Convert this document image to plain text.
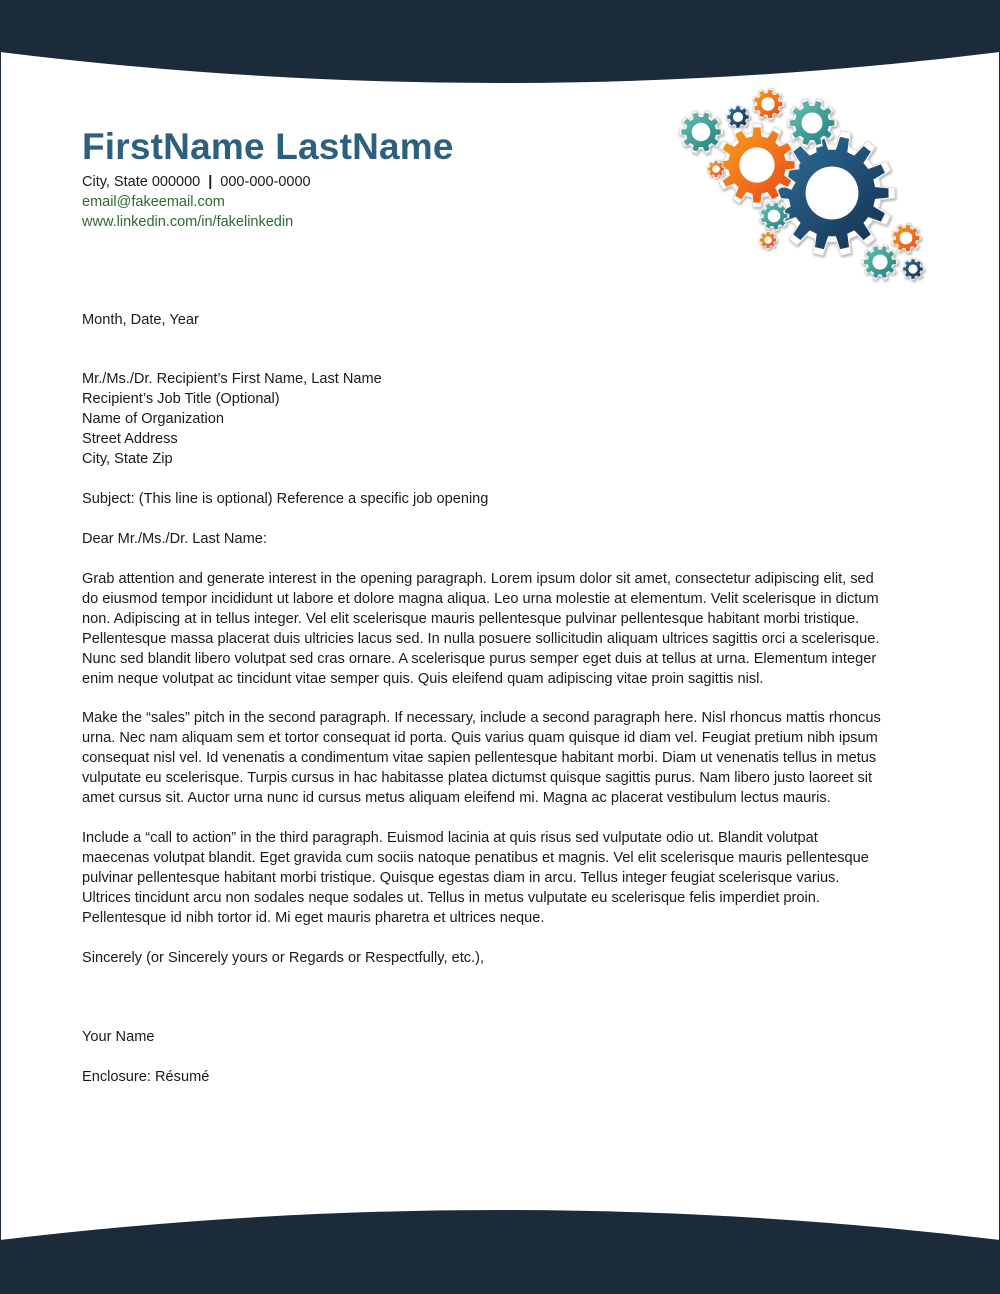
FirstName LastName
City, State 000000 | 000-000-0000
email@fakeemail.com
www.linkedin.com/in/fakelinkedin
Month, Date, Year
Mr./Ms./Dr. Recipient’s First Name, Last Name
Recipient’s Job Title (Optional)
Name of Organization
Street Address
City, State Zip
Subject: (This line is optional) Reference a specific job opening
Dear Mr./Ms./Dr. Last Name:
Grab attention and generate interest in the opening paragraph. Lorem ipsum dolor sit amet, consectetur adipiscing elit, sed
do eiusmod tempor incididunt ut labore et dolore magna aliqua. Leo urna molestie at elementum. Velit scelerisque in dictum
non. Adipiscing at in tellus integer. Vel elit scelerisque mauris pellentesque pulvinar pellentesque habitant morbi tristique.
Pellentesque massa placerat duis ultricies lacus sed. In nulla posuere sollicitudin aliquam ultrices sagittis orci a scelerisque.
Nunc sed blandit libero volutpat sed cras ornare. A scelerisque purus semper eget duis at tellus at urna. Elementum integer
enim neque volutpat ac tincidunt vitae semper quis. Quis eleifend quam adipiscing vitae proin sagittis nisl.
Make the “sales” pitch in the second paragraph. If necessary, include a second paragraph here. Nisl rhoncus mattis rhoncus
urna. Nec nam aliquam sem et tortor consequat id porta. Quis varius quam quisque id diam vel. Feugiat pretium nibh ipsum
consequat nisl vel. Id venenatis a condimentum vitae sapien pellentesque habitant morbi. Diam ut venenatis tellus in metus
vulputate eu scelerisque. Turpis cursus in hac habitasse platea dictumst quisque sagittis purus. Nam libero justo laoreet sit
amet cursus sit. Auctor urna nunc id cursus metus aliquam eleifend mi. Magna ac placerat vestibulum lectus mauris.
Include a “call to action” in the third paragraph. Euismod lacinia at quis risus sed vulputate odio ut. Blandit volutpat
maecenas volutpat blandit. Eget gravida cum sociis natoque penatibus et magnis. Vel elit scelerisque mauris pellentesque
pulvinar pellentesque habitant morbi tristique. Quisque egestas diam in arcu. Tellus integer feugiat scelerisque varius.
Ultrices tincidunt arcu non sodales neque sodales ut. Tellus in metus vulputate eu scelerisque felis imperdiet proin.
Pellentesque id nibh tortor id. Mi eget mauris pharetra et ultrices neque.
Sincerely (or Sincerely yours or Regards or Respectfully, etc.),
Your Name
Enclosure: Résumé
